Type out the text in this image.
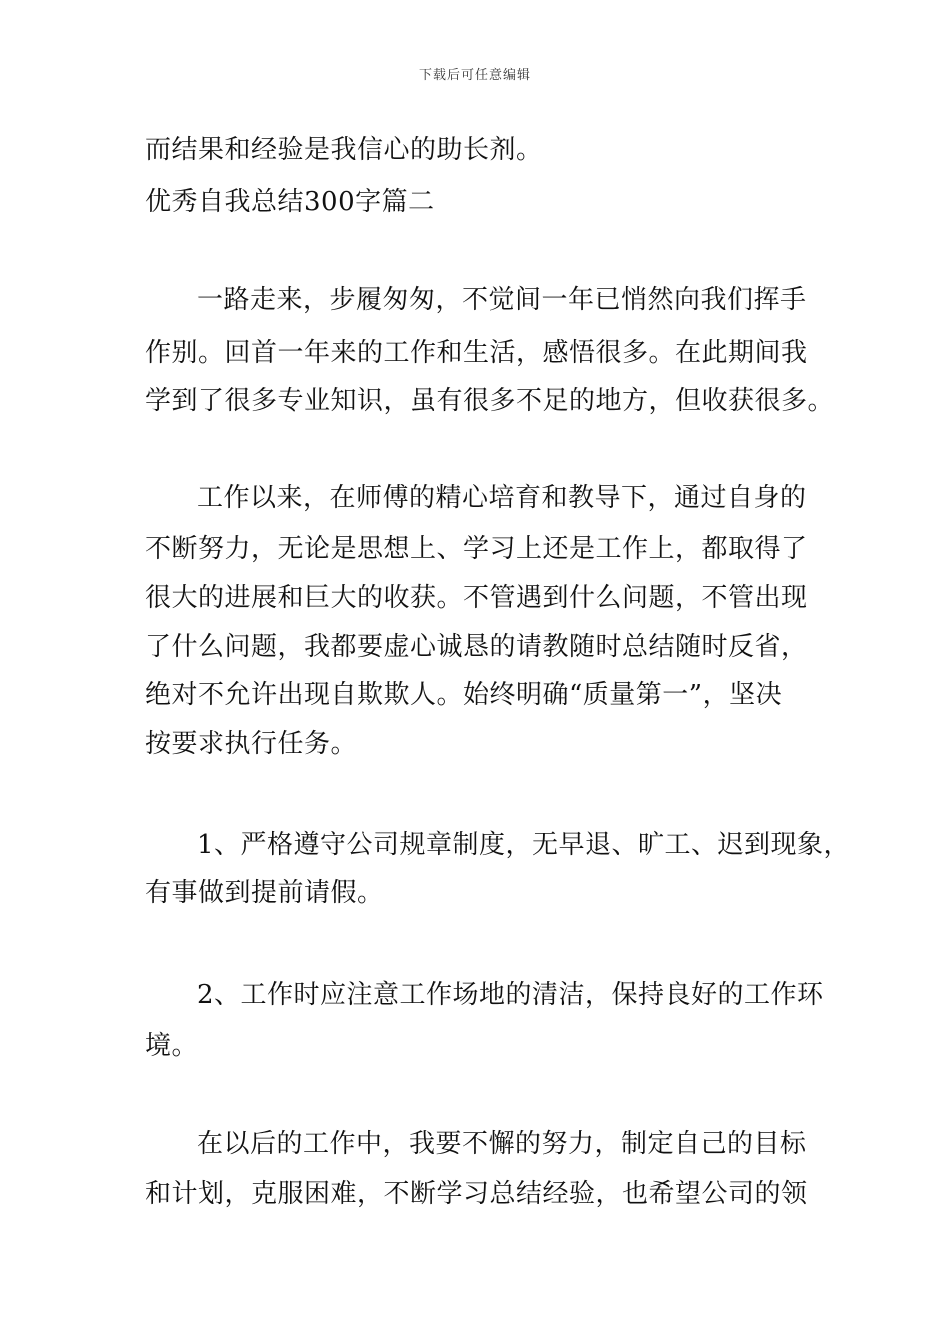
下载后可任意编辑
而结果和经验是我信心的助长剂。
优秀自我总结300字篇二
一路走来，步履匆匆，不觉间一年已悄然向我们挥手
作别。回首一年来的工作和生活，感悟很多。在此期间我
学到了很多专业知识，虽有很多不足的地方，但收获很多。
工作以来，在师傅的精心培育和教导下，通过自身的
不断努力，无论是思想上、学习上还是工作上，都取得了
很大的进展和巨大的收获。不管遇到什么问题，不管出现
了什么问题，我都要虚心诚恳的请教随时总结随时反省，
绝对不允许出现自欺欺人。始终明确“质量第一”，坚决
按要求执行任务。
1、严格遵守公司规章制度，无早退、旷工、迟到现象，
有事做到提前请假。
2、工作时应注意工作场地的清洁，保持良好的工作环
境。
在以后的工作中，我要不懈的努力，制定自己的目标
和计划，克服困难，不断学习总结经验，也希望公司的领
